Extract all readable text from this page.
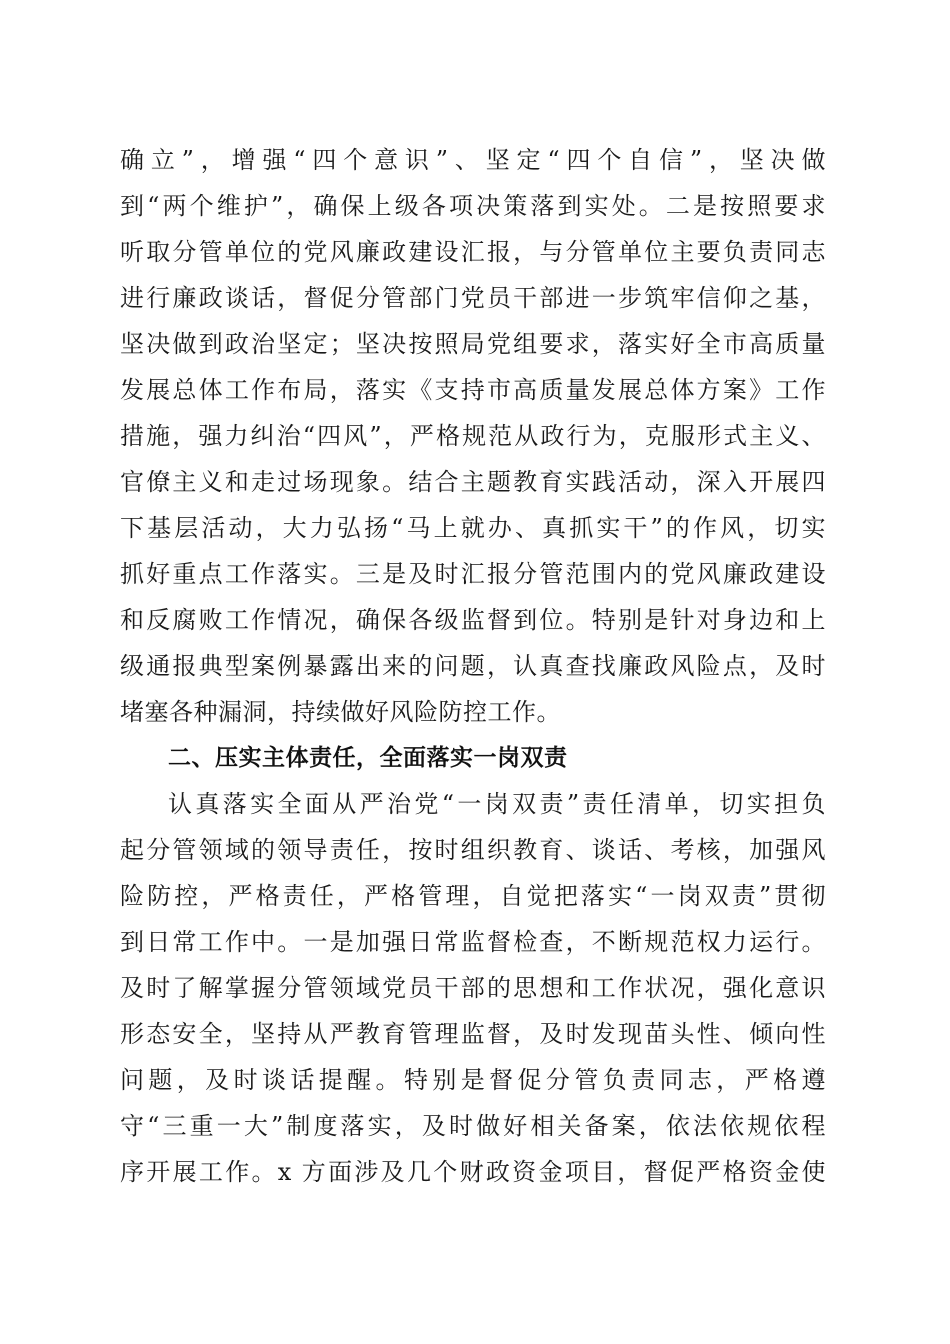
确立”，增强“四个意识”、坚定“四个自信”，坚决做
到“两个维护”，确保上级各项决策落到实处。二是按照要求
听取分管单位的党风廉政建设汇报，与分管单位主要负责同志
进行廉政谈话，督促分管部门党员干部进一步筑牢信仰之基，
坚决做到政治坚定；坚决按照局党组要求，落实好全市高质量
发展总体工作布局，落实《支持市高质量发展总体方案》工作
措施，强力纠治“四风”，严格规范从政行为，克服形式主义、
官僚主义和走过场现象。结合主题教育实践活动，深入开展四
下基层活动，大力弘扬“马上就办、真抓实干”的作风，切实
抓好重点工作落实。三是及时汇报分管范围内的党风廉政建设
和反腐败工作情况，确保各级监督到位。特别是针对身边和上
级通报典型案例暴露出来的问题，认真查找廉政风险点，及时
堵塞各种漏洞，持续做好风险防控工作。
二、压实主体责任，全面落实一岗双责
认真落实全面从严治党“一岗双责”责任清单，切实担负
起分管领域的领导责任，按时组织教育、谈话、考核，加强风
险防控，严格责任，严格管理，自觉把落实“一岗双责”贯彻
到日常工作中。一是加强日常监督检查，不断规范权力运行。
及时了解掌握分管领域党员干部的思想和工作状况，强化意识
形态安全，坚持从严教育管理监督，及时发现苗头性、倾向性
问题，及时谈话提醒。特别是督促分管负责同志，严格遵
守“三重一大”制度落实，及时做好相关备案，依法依规依程
序开展工作。x 方面涉及几个财政资金项目，督促严格资金使
